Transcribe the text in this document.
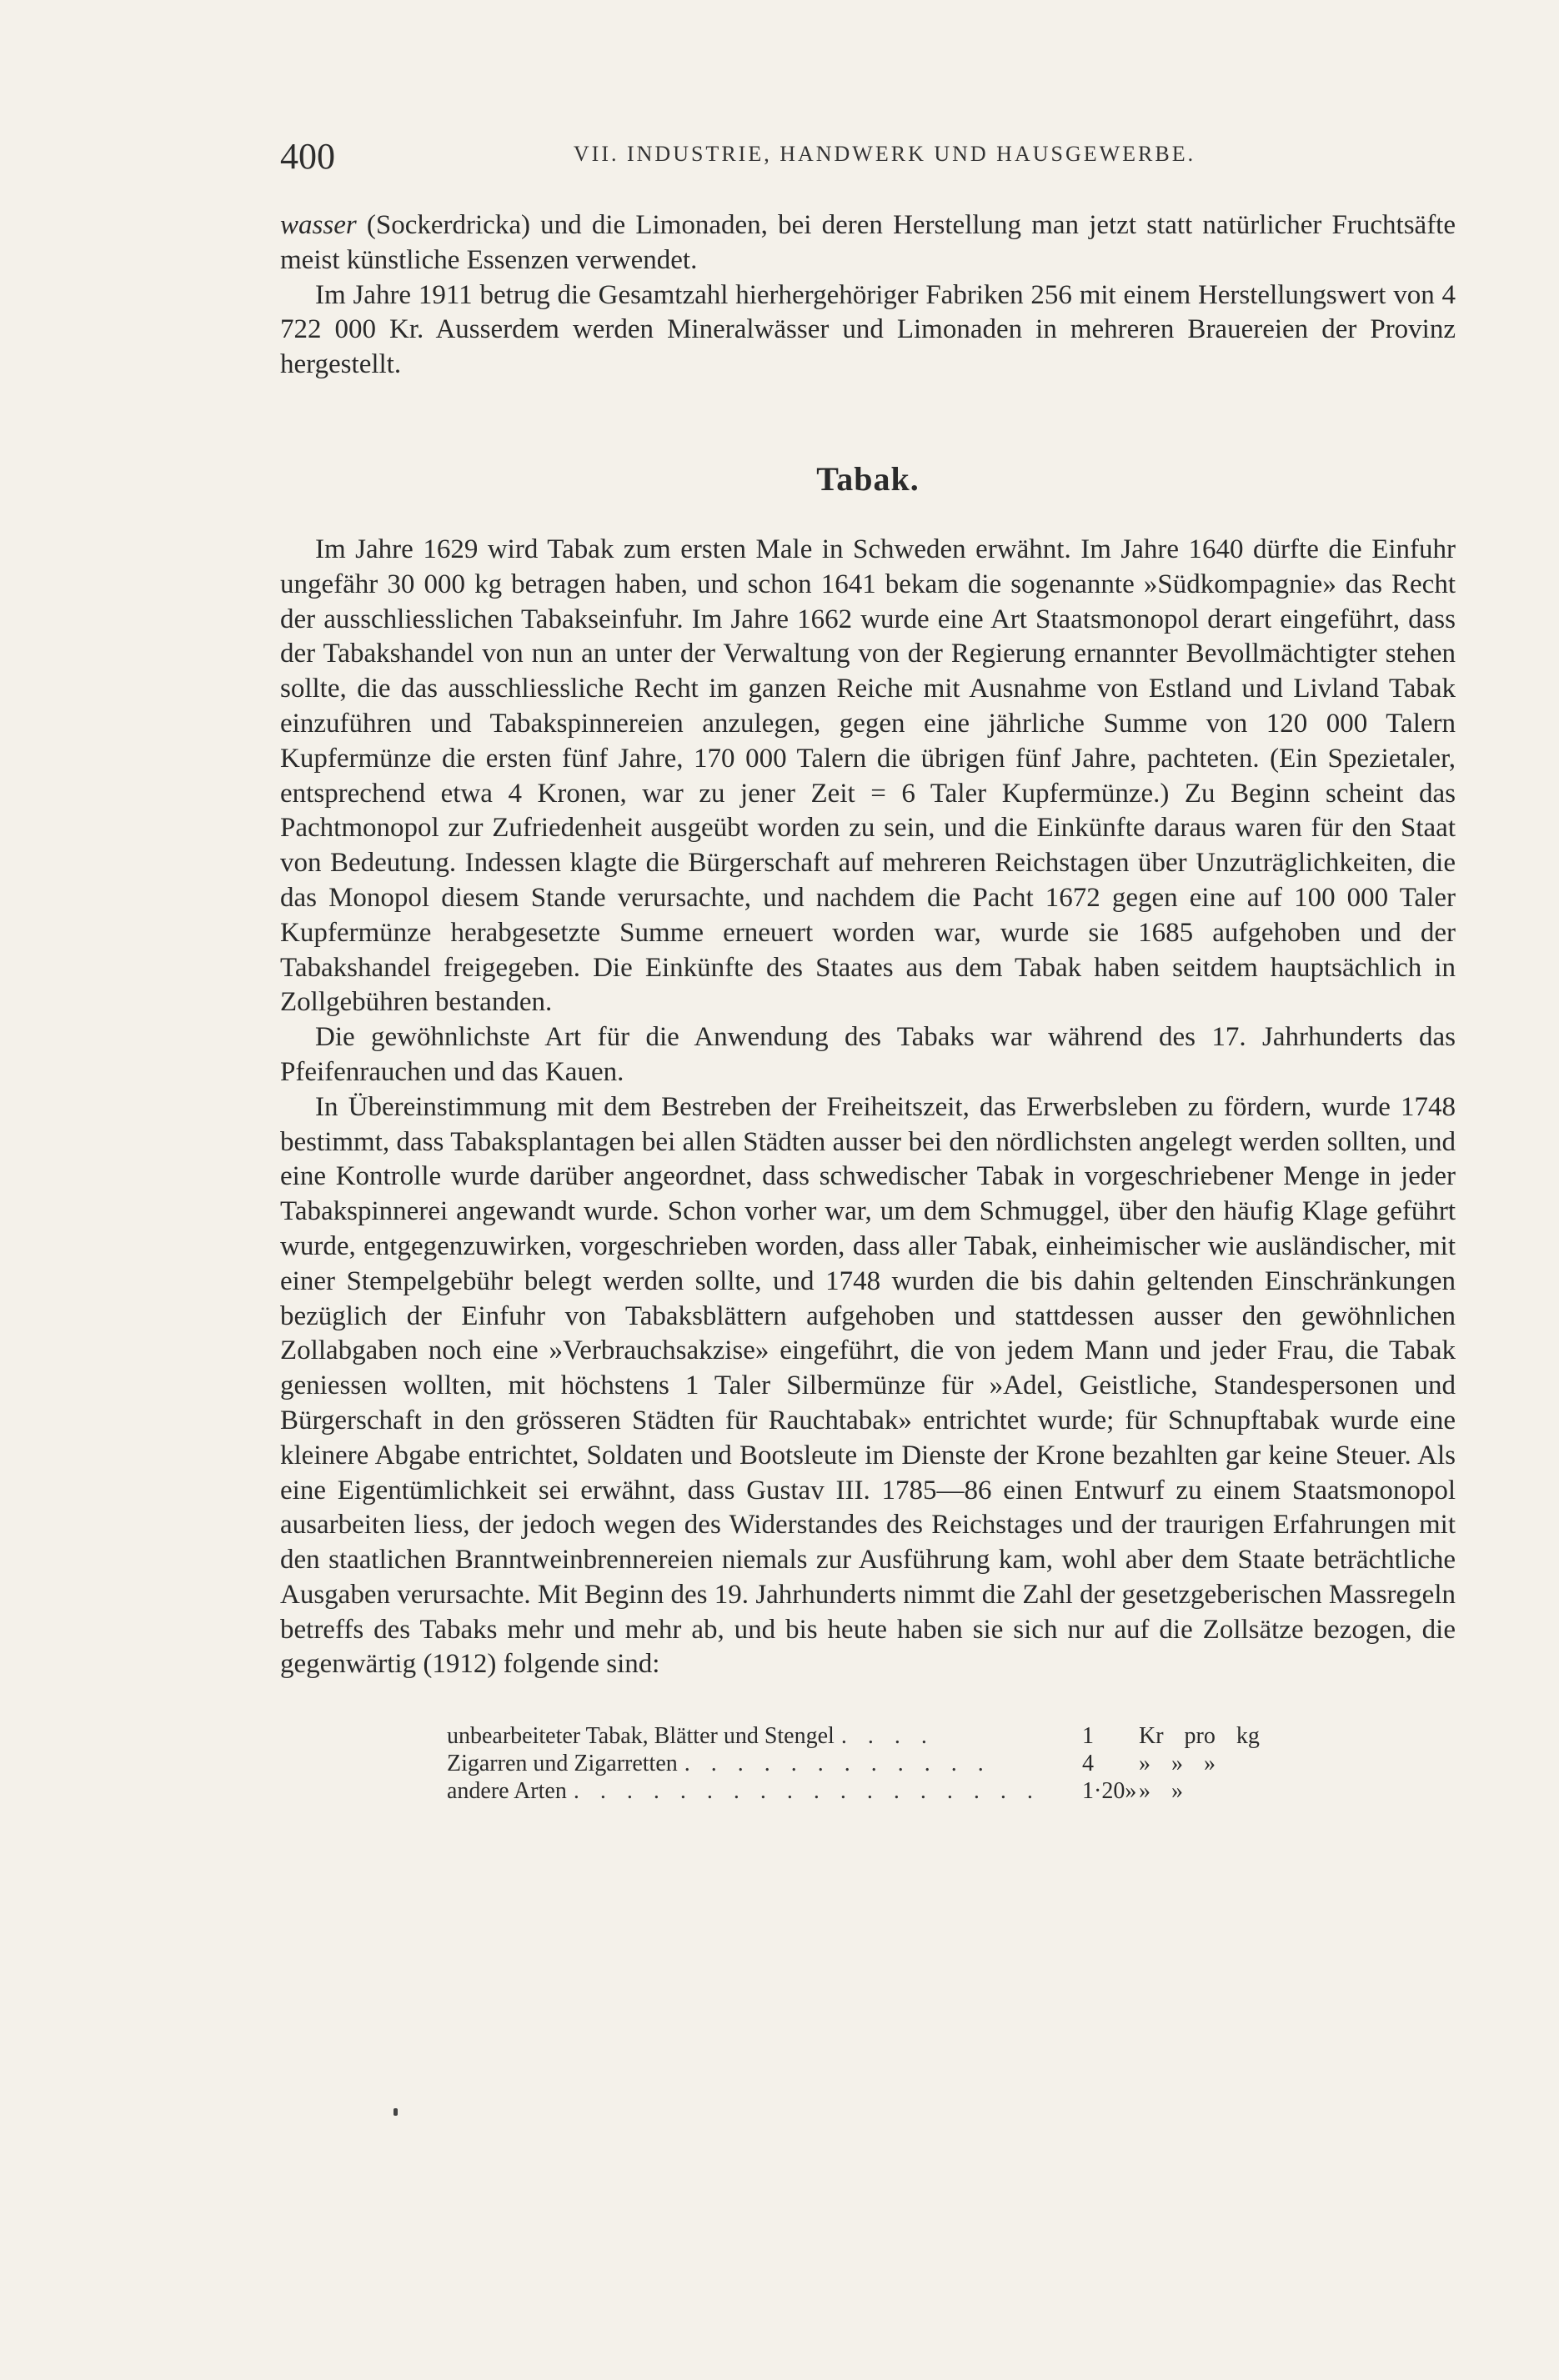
400	VII. INDUSTRIE, HANDWERK UND HAUSGEWERBE.

wasser (Sockerdricka) und die Limonaden, bei deren Herstellung man jetzt statt natürlicher Fruchtsäfte meist künstliche Essenzen verwendet.

Im Jahre 1911 betrug die Gesamtzahl hierhergehöriger Fabriken 256 mit einem Herstellungswert von 4 722 000 Kr. Ausserdem werden Mineralwässer und Limonaden in mehreren Brauereien der Provinz hergestellt.

Tabak.

Im Jahre 1629 wird Tabak zum ersten Male in Schweden erwähnt. Im Jahre 1640 dürfte die Einfuhr ungefähr 30 000 kg betragen haben, und schon 1641 bekam die sogenannte »Südkompagnie» das Recht der ausschliesslichen Tabakseinfuhr. Im Jahre 1662 wurde eine Art Staatsmonopol derart eingeführt, dass der Tabakshandel von nun an unter der Verwaltung von der Regierung ernannter Bevollmächtigter stehen sollte, die das ausschliessliche Recht im ganzen Reiche mit Ausnahme von Estland und Livland Tabak einzuführen und Tabakspinnereien anzulegen, gegen eine jährliche Summe von 120 000 Talern Kupfermünze die ersten fünf Jahre, 170 000 Talern die übrigen fünf Jahre, pachteten. (Ein Spezietaler, entsprechend etwa 4 Kronen, war zu jener Zeit = 6 Taler Kupfermünze.) Zu Beginn scheint das Pachtmonopol zur Zufriedenheit ausgeübt worden zu sein, und die Einkünfte daraus waren für den Staat von Bedeutung. Indessen klagte die Bürgerschaft auf mehreren Reichstagen über Unzuträglichkeiten, die das Monopol diesem Stande verursachte, und nachdem die Pacht 1672 gegen eine auf 100 000 Taler Kupfermünze herabgesetzte Summe erneuert worden war, wurde sie 1685 aufgehoben und der Tabakshandel freigegeben. Die Einkünfte des Staates aus dem Tabak haben seitdem hauptsächlich in Zollgebühren bestanden.

Die gewöhnlichste Art für die Anwendung des Tabaks war während des 17. Jahrhunderts das Pfeifenrauchen und das Kauen.

In Übereinstimmung mit dem Bestreben der Freiheitszeit, das Erwerbsleben zu fördern, wurde 1748 bestimmt, dass Tabaksplantagen bei allen Städten ausser bei den nördlichsten angelegt werden sollten, und eine Kontrolle wurde darüber angeordnet, dass schwedischer Tabak in vorgeschriebener Menge in jeder Tabakspinnerei angewandt wurde. Schon vorher war, um dem Schmuggel, über den häufig Klage geführt wurde, entgegenzuwirken, vorgeschrieben worden, dass aller Tabak, einheimischer wie ausländischer, mit einer Stempelgebühr belegt werden sollte, und 1748 wurden die bis dahin geltenden Einschränkungen bezüglich der Einfuhr von Tabaksblättern aufgehoben und stattdessen ausser den gewöhnlichen Zollabgaben noch eine »Verbrauchsakzise» eingeführt, die von jedem Mann und jeder Frau, die Tabak geniessen wollten, mit höchstens 1 Taler Silbermünze für »Adel, Geistliche, Standespersonen und Bürgerschaft in den grösseren Städten für Rauchtabak» entrichtet wurde; für Schnupftabak wurde eine kleinere Abgabe entrichtet, Soldaten und Bootsleute im Dienste der Krone bezahlten gar keine Steuer. Als eine Eigentümlichkeit sei erwähnt, dass Gustav III. 1785—86 einen Entwurf zu einem Staatsmonopol ausarbeiten liess, der jedoch wegen des Widerstandes des Reichstages und der traurigen Erfahrungen mit den staatlichen Branntweinbrennereien niemals zur Ausführung kam, wohl aber dem Staate beträchtliche Ausgaben verursachte. Mit Beginn des 19. Jahrhunderts nimmt die Zahl der gesetzgeberischen Massregeln betreffs des Tabaks mehr und mehr ab, und bis heute haben sie sich nur auf die Zollsätze bezogen, die gegenwärtig (1912) folgende sind:

unbearbeiteter Tabak, Blätter und Stengel . . . .	1	Kr pro kg
Zigarren und Zigarretten . . . . . . . . . . . .	4	» » »
andere Arten . . . . . . . . . . . . . . . . . .	1·20» » »
